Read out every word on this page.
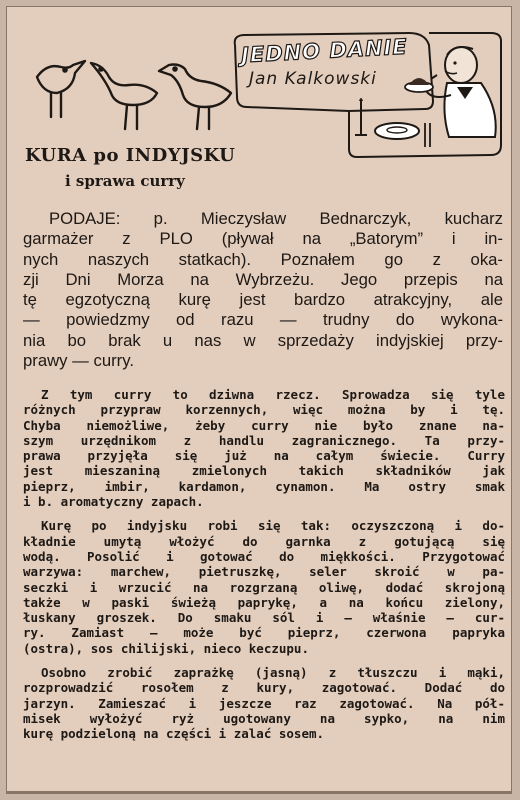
JEDNO DANIE
Jan Kalkowski
KURA po INDYJSKU
i sprawa curry
PODAJE: p. Mieczysław Bednarczyk, kucharz
garmażer z PLO (pływał na „Batorym” i in-
nych naszych statkach). Poznałem go z oka-
zji Dni Morza na Wybrzeżu. Jego przepis na
tę egzotyczną kurę jest bardzo atrakcyjny, ale
— powiedzmy od razu — trudny do wykona-
nia bo brak u nas w sprzedaży indyjskiej przy-
prawy — curry.
Z tym curry to dziwna rzecz. Sprowadza się tyle
różnych przypraw korzennych, więc można by i tę.
Chyba niemożliwe, żeby curry nie było znane na-
szym urzędnikom z handlu zagranicznego. Ta przy-
prawa przyjęła się już na całym świecie. Curry
jest mieszaniną zmielonych takich składników jak
pieprz, imbir, kardamon, cynamon. Ma ostry smak
i b. aromatyczny zapach.
Kurę po indyjsku robi się tak: oczyszczoną i do-
kładnie umytą włożyć do garnka z gotującą się
wodą. Posolić i gotować do miękkości. Przygotować
warzywa: marchew, pietruszkę, seler skroić w pa-
seczki i wrzucić na rozgrzaną oliwę, dodać skrojoną
także w paski świeżą paprykę, a na końcu zielony,
łuskany groszek. Do smaku sól i — właśnie — cur-
ry. Zamiast — może być pieprz, czerwona papryka
(ostra), sos chilijski, nieco keczupu.
Osobno zrobić zaprażkę (jasną) z tłuszczu i mąki,
rozprowadzić rosołem z kury, zagotować. Dodać do
jarzyn. Zamieszać i jeszcze raz zagotować. Na pół-
misek wyłożyć ryż ugotowany na sypko, na nim
kurę podzieloną na części i zalać sosem.
